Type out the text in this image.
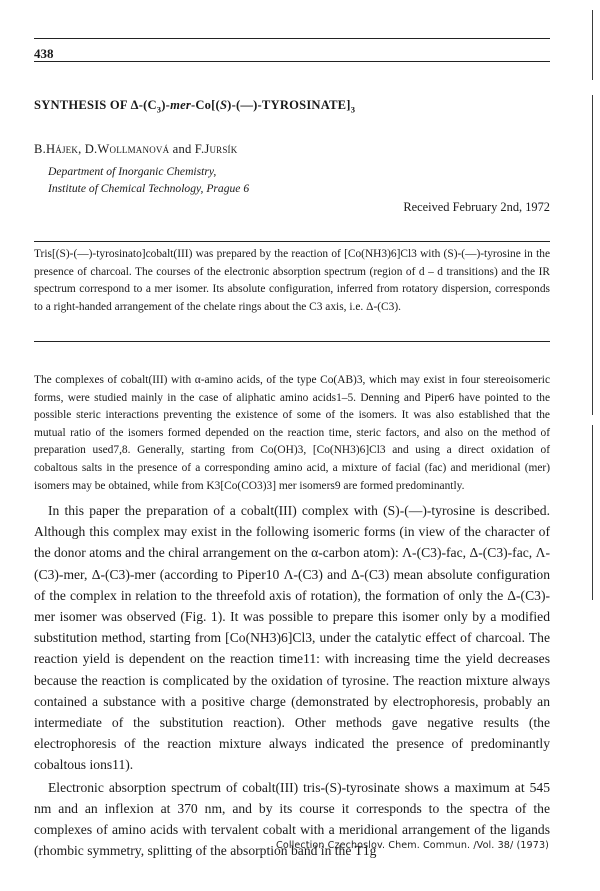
438
SYNTHESIS OF $\Delta-(C_3)-mer-Co[(S)-(—)-TYROSINATE]_3$
B.Hájek, D.Wollmanová and F.Jursík
Department of Inorganic Chemistry,
Institute of Chemical Technology, Prague 6
Received February 2nd, 1972

Tris[(S)-(—)-tyrosinato]cobalt(III) was prepared by the reaction of [Co(NH3)6]Cl3 with (S)-(—)-tyrosine in the presence of charcoal. The courses of the electronic absorption spectrum (region of d – d transitions) and the IR spectrum correspond to a mer isomer. Its absolute configuration, inferred from rotatory dispersion, corresponds to a right-handed arrangement of the chelate rings about the C3 axis, i.e. Δ-(C3).

The complexes of cobalt(III) with α-amino acids, of the type Co(AB)3, which may exist in four stereoisomeric forms, were studied mainly in the case of aliphatic amino acids1–5. Denning and Piper6 have pointed to the possible steric interactions preventing the existence of some of the isomers. It was also established that the mutual ratio of the isomers formed depended on the reaction time, steric factors, and also on the method of preparation used7,8. Generally, starting from Co(OH)3, [Co(NH3)6]Cl3 and using a direct oxidation of cobaltous salts in the presence of a corresponding amino acid, a mixture of facial (fac) and meridional (mer) isomers may be obtained, while from K3[Co(CO3)3] mer isomers9 are formed predominantly.

In this paper the preparation of a cobalt(III) complex with (S)-(—)-tyrosine is described. Although this complex may exist in the following isomeric forms (in view of the character of the donor atoms and the chiral arrangement on the α-carbon atom): Λ-(C3)-fac, Δ-(C3)-fac, Λ-(C3)-mer, Δ-(C3)-mer (according to Piper10 Λ-(C3) and Δ-(C3) mean absolute configuration of the complex in relation to the threefold axis of rotation), the formation of only the Δ-(C3)-mer isomer was observed (Fig. 1). It was possible to prepare this isomer only by a modified substitution method, starting from [Co(NH3)6]Cl3, under the catalytic effect of charcoal. The reaction yield is dependent on the reaction time11: with increasing time the yield decreases because the reaction is complicated by the oxidation of tyrosine. The reaction mixture always contained a substance with a positive charge (demonstrated by electrophoresis, probably an intermediate of the substitution reaction). Other methods gave negative results (the electrophoresis of the reaction mixture always indicated the presence of predominantly cobaltous ions11).

Electronic absorption spectrum of cobalt(III) tris-(S)-tyrosinate shows a maximum at 545 nm and an inflexion at 370 nm, and by its course it corresponds to the spectra of the complexes of amino acids with tervalent cobalt with a meridional arrangement of the ligands (rhombic symmetry, splitting of the absorption band in the T1g

Collection Czechoslov. Chem. Commun. /Vol. 38/ (1973)
